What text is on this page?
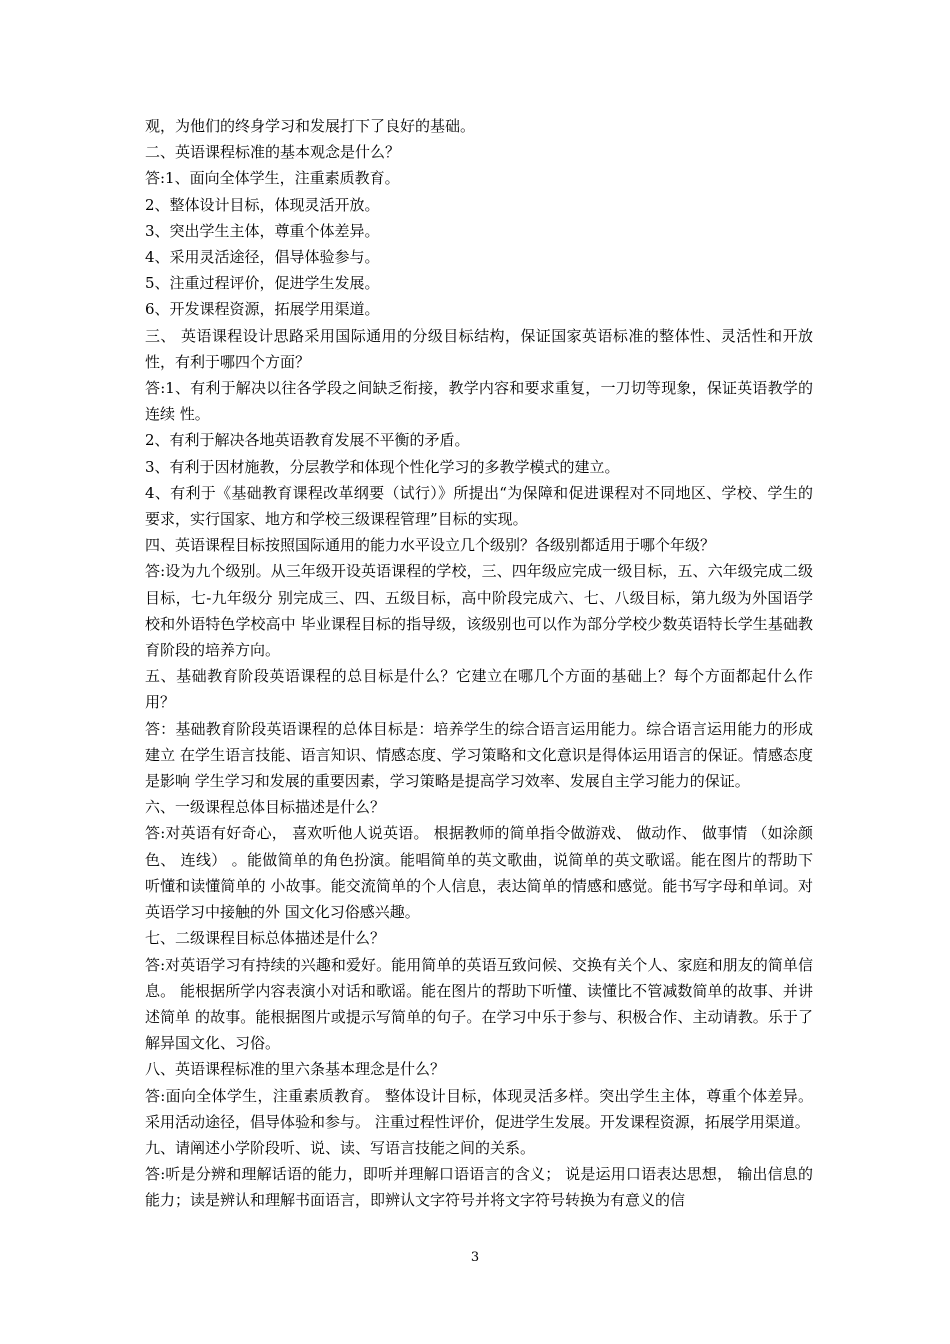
观，为他们的终身学习和发展打下了良好的基础。

二、英语课程标准的基本观念是什么？

答:1、面向全体学生，注重素质教育。

2、整体设计目标，体现灵活开放。

3、突出学生主体，尊重个体差异。

4、采用灵活途径，倡导体验参与。

5、注重过程评价，促进学生发展。

6、开发课程资源，拓展学用渠道。

三、 英语课程设计思路采用国际通用的分级目标结构，保证国家英语标准的整体性、灵活性和开放性，有利于哪四个方面？

答:1、有利于解决以往各学段之间缺乏衔接，教学内容和要求重复，一刀切等现象，保证英语教学的连续 性。

2、有利于解决各地英语教育发展不平衡的矛盾。

3、有利于因材施教，分层教学和体现个性化学习的多教学模式的建立。

4、有利于《基础教育课程改革纲要（试行）》所提出“为保障和促进课程对不同地区、学校、学生的要求，实行国家、地方和学校三级课程管理”目标的实现。

四、英语课程目标按照国际通用的能力水平设立几个级别？各级别都适用于哪个年级？

答:设为九个级别。从三年级开设英语课程的学校，三、四年级应完成一级目标，五、六年级完成二级目标，七-九年级分 别完成三、四、五级目标，高中阶段完成六、七、八级目标，第九级为外国语学校和外语特色学校高中 毕业课程目标的指导级，该级别也可以作为部分学校少数英语特长学生基础教育阶段的培养方向。

五、基础教育阶段英语课程的总目标是什么？它建立在哪几个方面的基础上？每个方面都起什么作用？

答：基础教育阶段英语课程的总体目标是：培养学生的综合语言运用能力。综合语言运用能力的形成建立 在学生语言技能、语言知识、情感态度、学习策略和文化意识是得体运用语言的保证。情感态度是影响 学生学习和发展的重要因素，学习策略是提高学习效率、发展自主学习能力的保证。

六、一级课程总体目标描述是什么？

答:对英语有好奇心， 喜欢听他人说英语。 根据教师的简单指令做游戏、 做动作、 做事情 （如涂颜色、 连线） 。能做简单的角色扮演。能唱简单的英文歌曲，说简单的英文歌谣。能在图片的帮助下听懂和读懂简单的 小故事。能交流简单的个人信息，表达简单的情感和感觉。能书写字母和单词。对英语学习中接触的外 国文化习俗感兴趣。

七、二级课程目标总体描述是什么？

答:对英语学习有持续的兴趣和爱好。能用简单的英语互致问候、交换有关个人、家庭和朋友的简单信息。 能根据所学内容表演小对话和歌谣。能在图片的帮助下听懂、读懂比不管减数简单的故事、并讲述简单 的故事。能根据图片或提示写简单的句子。在学习中乐于参与、积极合作、主动请教。乐于了解异国文化、习俗。

八、英语课程标准的里六条基本理念是什么？

答:面向全体学生，注重素质教育。 整体设计目标，体现灵活多样。突出学生主体，尊重个体差异。采用活动途径，倡导体验和参与。 注重过程性评价，促进学生发展。开发课程资源，拓展学用渠道。

九、请阐述小学阶段听、说、读、写语言技能之间的关系。

答:听是分辨和理解话语的能力，即听并理解口语语言的含义； 说是运用口语表达思想， 输出信息的能力；读是辨认和理解书面语言，即辨认文字符号并将文字符号转换为有意义的信

3
